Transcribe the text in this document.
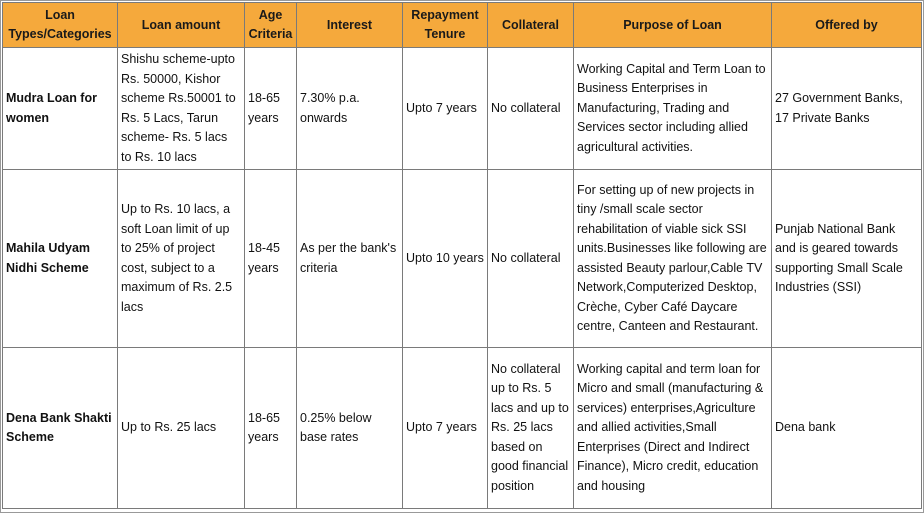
Loan Types/Categories	Loan amount	Age Criteria	Interest	Repayment Tenure	Collateral	Purpose of Loan	Offered by
Mudra Loan for women	Shishu scheme-upto Rs. 50000, Kishor scheme Rs.50001 to Rs. 5 Lacs, Tarun scheme- Rs. 5 lacs to Rs. 10 lacs	18-65 years	7.30% p.a. onwards	Upto 7 years	No collateral	Working Capital and Term Loan to Business Enterprises in Manufacturing, Trading and Services sector including allied agricultural activities.	27 Government Banks, 17 Private Banks
Mahila Udyam Nidhi Scheme	Up to Rs. 10 lacs, a soft Loan limit of up to 25% of project cost, subject to a maximum of Rs. 2.5 lacs	18-45 years	As per the bank's criteria	Upto 10 years	No collateral	For setting up of new projects in tiny /small scale sector rehabilitation of viable sick SSI units.Businesses like following are assisted Beauty parlour,Cable TV Network,Computerized Desktop, Crèche, Cyber Café Daycare centre, Canteen and Restaurant.	Punjab National Bank and is geared towards supporting Small Scale Industries (SSI)
Dena Bank Shakti Scheme	Up to Rs. 25 lacs	18-65 years	0.25% below base rates	Upto 7 years	No collateral up to Rs. 5 lacs and up to Rs. 25 lacs based on good financial position	Working capital and term loan for Micro and small (manufacturing & services) enterprises,Agriculture and allied activities,Small Enterprises (Direct and Indirect Finance), Micro credit, education and housing	Dena bank
